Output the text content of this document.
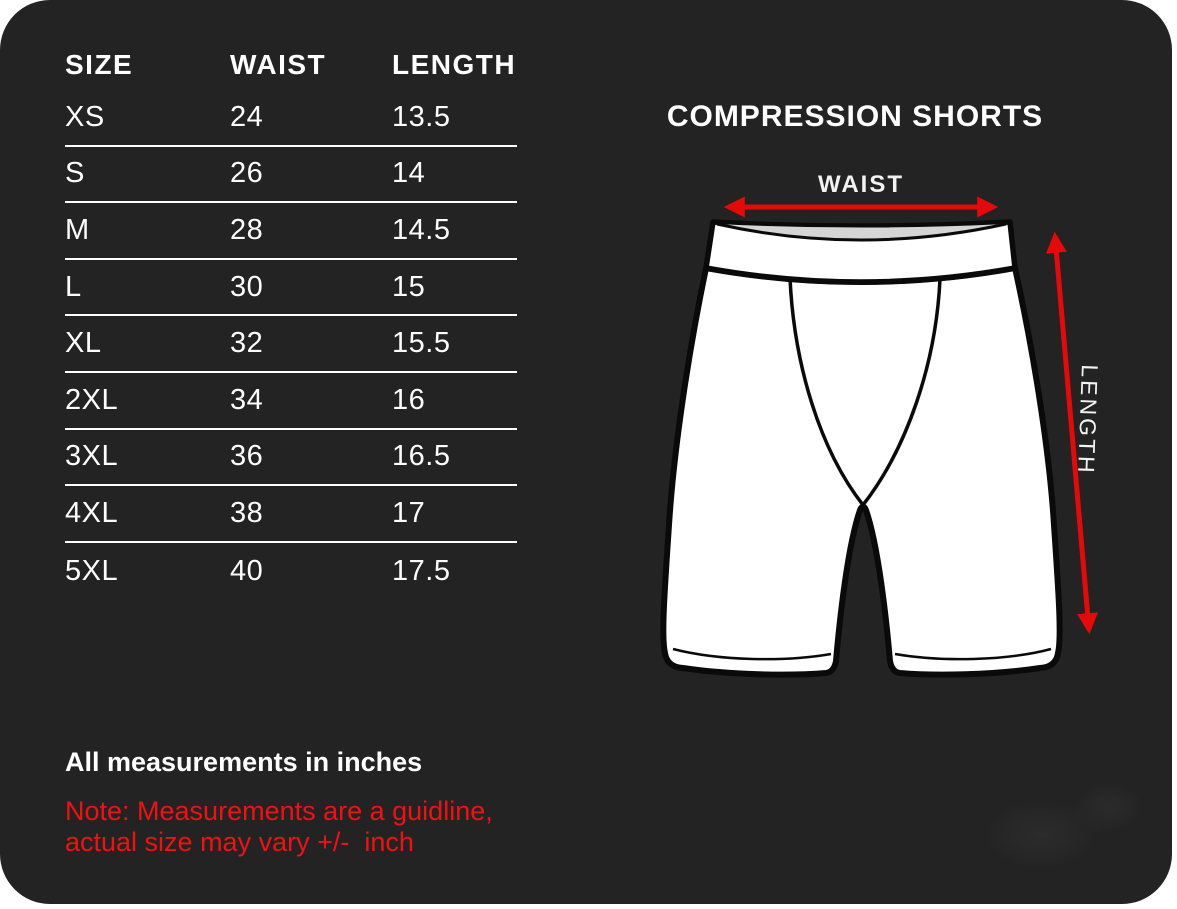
SIZE	WAIST	LENGTH
XS	24	13.5
S	26	14
M	28	14.5
L	30	15
XL	32	15.5
2XL	34	16
3XL	36	16.5
4XL	38	17
5XL	40	17.5
All measurements in inches
Note: Measurements are a guidline,
actual size may vary +/-  inch
COMPRESSION SHORTS
WAIST
LENGTH
